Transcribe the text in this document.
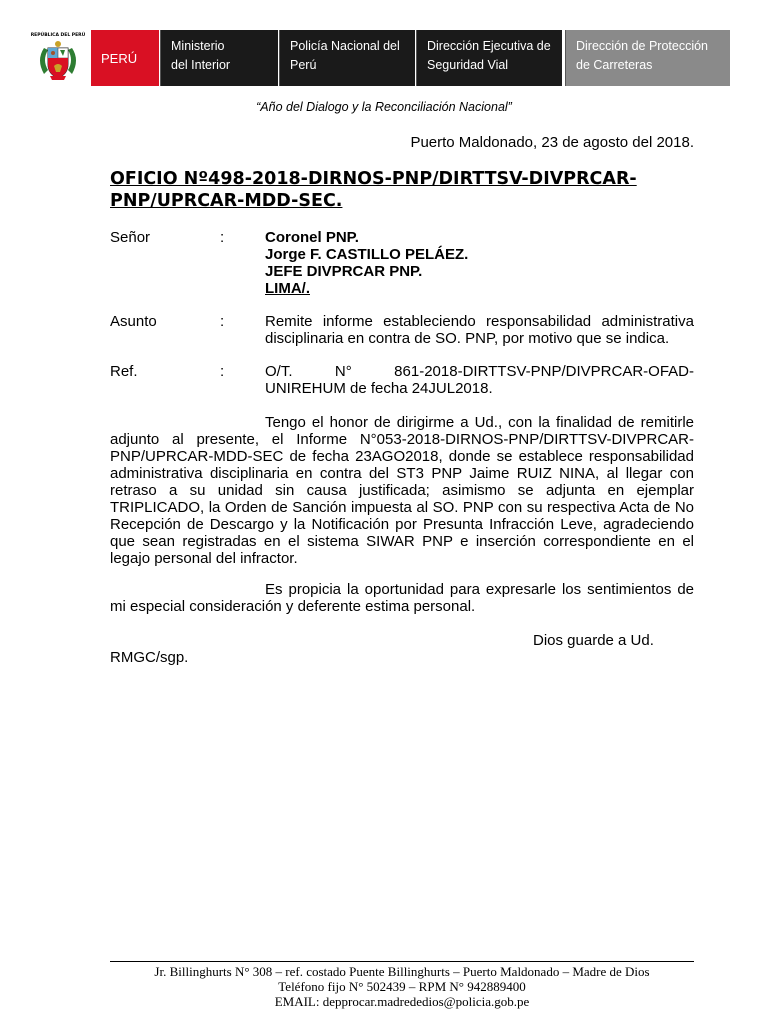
REPÚBLICA DEL PERÚ
PERÚ
Ministerio
del Interior
Policía Nacional del
Perú
Dirección Ejecutiva de
Seguridad Vial
Dirección de Protección
de Carreteras
“Año del Dialogo y la Reconciliación Nacional”
Puerto Maldonado, 23 de agosto del 2018.
OFICIO Nº498-2018-DIRNOS-PNP/DIRTTSV-DIVPRCAR-
PNP/UPRCAR-MDD-SEC.
Señor	:	Coronel PNP.
Jorge F. CASTILLO PELÁEZ.
JEFE DIVPRCAR PNP.
LIMA/.
Asunto	:	Remite informe estableciendo responsabilidad administrativa disciplinaria en contra de SO. PNP, por motivo que se indica.
Ref.	:	O/T. N° 861-2018-DIRTTSV-PNP/DIVPRCAR-OFAD-UNIREHUM de fecha 24JUL2018.
Tengo el honor de dirigirme a Ud., con la finalidad de remitirle adjunto al presente, el Informe N°053-2018-DIRNOS-PNP/DIRTTSV-DIVPRCAR-PNP/UPRCAR-MDD-SEC de fecha 23AGO2018, donde se establece responsabilidad administrativa disciplinaria en contra del ST3 PNP Jaime RUIZ NINA, al llegar con retraso a su unidad sin causa justificada; asimismo se adjunta en ejemplar TRIPLICADO, la Orden de Sanción impuesta al SO. PNP con su respectiva Acta de No Recepción de Descargo y la Notificación por Presunta Infracción Leve, agradeciendo que sean registradas en el sistema SIWAR PNP e inserción correspondiente en el legajo personal del infractor.
Es propicia la oportunidad para expresarle los sentimientos de mi especial consideración y deferente estima personal.
Dios guarde a Ud.
RMGC/sgp.
Jr. Billinghurts N° 308 – ref. costado Puente Billinghurts – Puerto Maldonado – Madre de Dios
Teléfono fijo N° 502439 – RPM N° 942889400
EMAIL: depprocar.madrededios@policia.gob.pe
